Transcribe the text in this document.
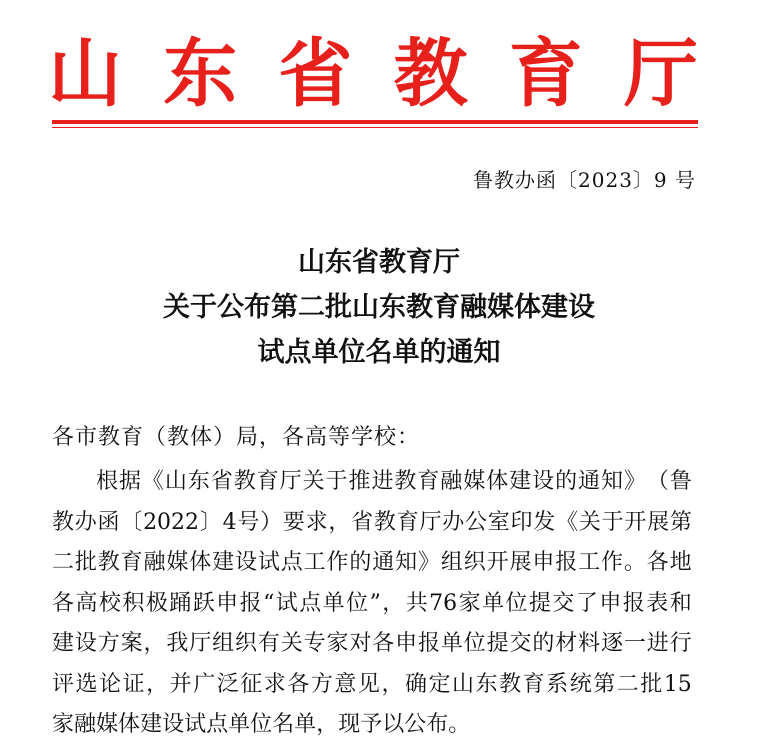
山 东 省 教 育 厅
鲁教办函〔2023〕9 号
山东省教育厅
关于公布第二批山东教育融媒体建设
试点单位名单的通知
各市教育（教体）局，各高等学校：
根 据 《 山 东 省 教 育 厅 关 于 推 进 教 育 融 媒 体 建 设 的 通 知 》 （ 鲁
教 办 函 〔 2022 〕 4 号 ） 要 求 ， 省 教 育 厅 办 公 室 印 发 《 关 于 开 展 第
二 批 教 育 融 媒 体 建 设 试 点 工 作 的 通 知 》 组 织 开 展 申 报 工 作 。 各 地
各 高 校 积 极 踊 跃 申 报 “ 试 点 单 位 ” ， 共 76 家 单 位 提 交 了 申 报 表 和
建 设 方 案 ， 我 厅 组 织 有 关 专 家 对 各 申 报 单 位 提 交 的 材 料 逐 一 进 行
评 选 论 证 ， 并 广 泛 征 求 各 方 意 见 ， 确 定 山 东 教 育 系 统 第 二 批 15
家 融 媒 体 建 设 试 点 单 位 名 单 ， 现 予 以 公 布 。
